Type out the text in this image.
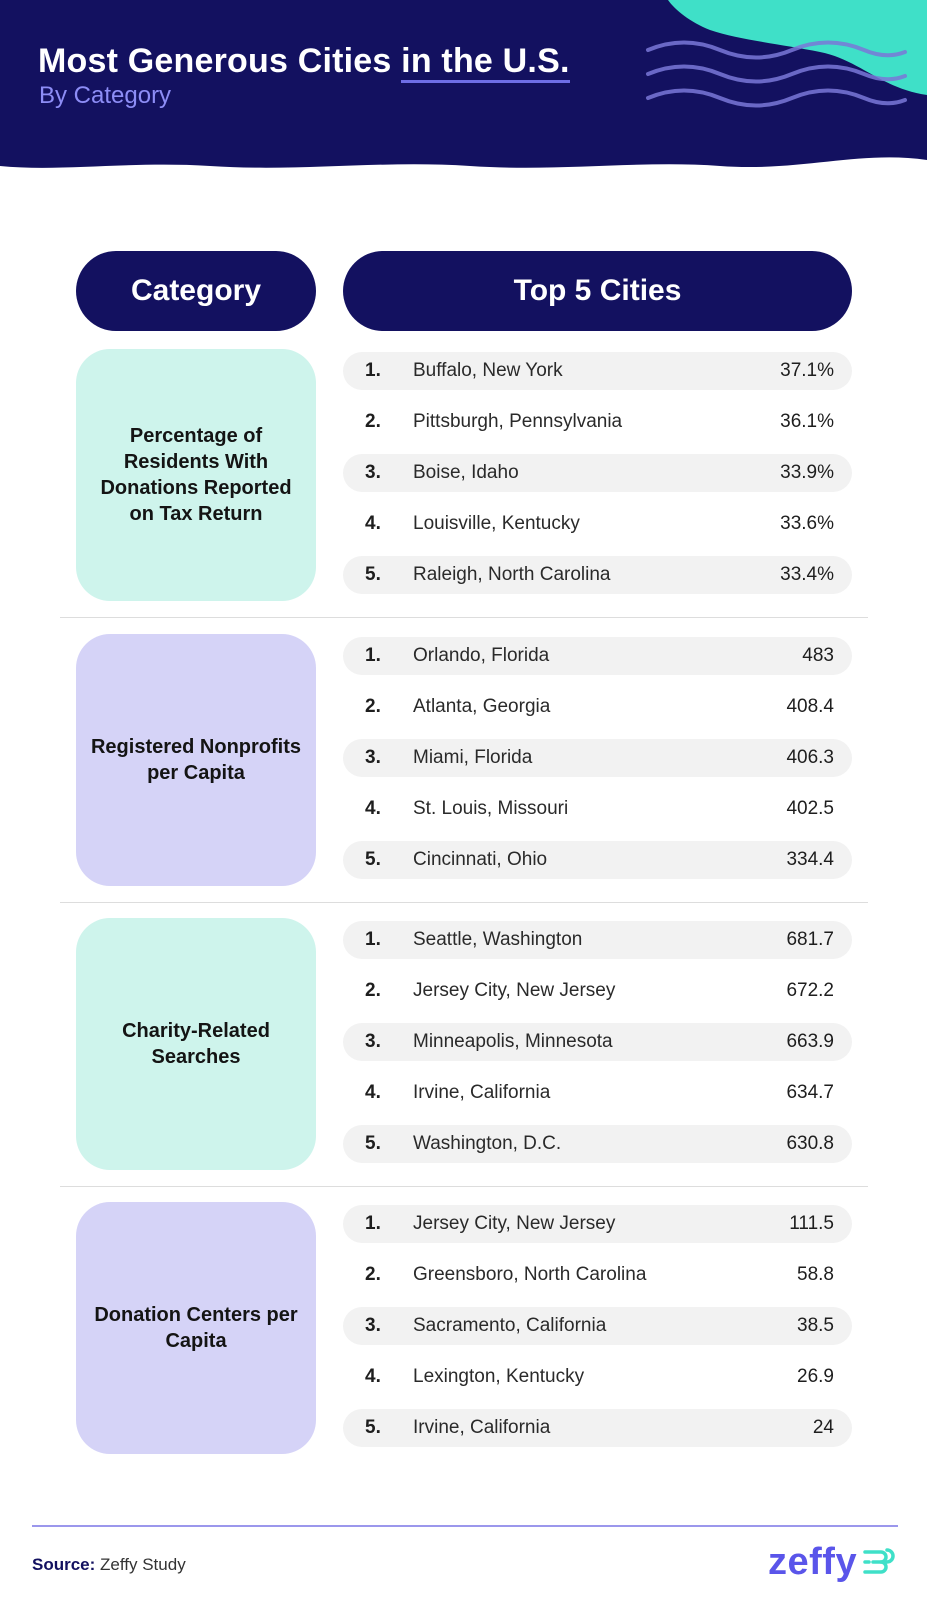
Most Generous Cities in the U.S.
By Category
Category	Top 5 Cities
Percentage of Residents With Donations Reported on Tax Return
1.	Buffalo, New York	37.1%
2.	Pittsburgh, Pennsylvania	36.1%
3.	Boise, Idaho	33.9%
4.	Louisville, Kentucky	33.6%
5.	Raleigh, North Carolina	33.4%
Registered Nonprofits per Capita
1.	Orlando, Florida	483
2.	Atlanta, Georgia	408.4
3.	Miami, Florida	406.3
4.	St. Louis, Missouri	402.5
5.	Cincinnati, Ohio	334.4
Charity-Related Searches
1.	Seattle, Washington	681.7
2.	Jersey City, New Jersey	672.2
3.	Minneapolis, Minnesota	663.9
4.	Irvine, California	634.7
5.	Washington, D.C.	630.8
Donation Centers per Capita
1.	Jersey City, New Jersey	111.5
2.	Greensboro, North Carolina	58.8
3.	Sacramento, California	38.5
4.	Lexington, Kentucky	26.9
5.	Irvine, California	24
Source: Zeffy Study	zeffy
